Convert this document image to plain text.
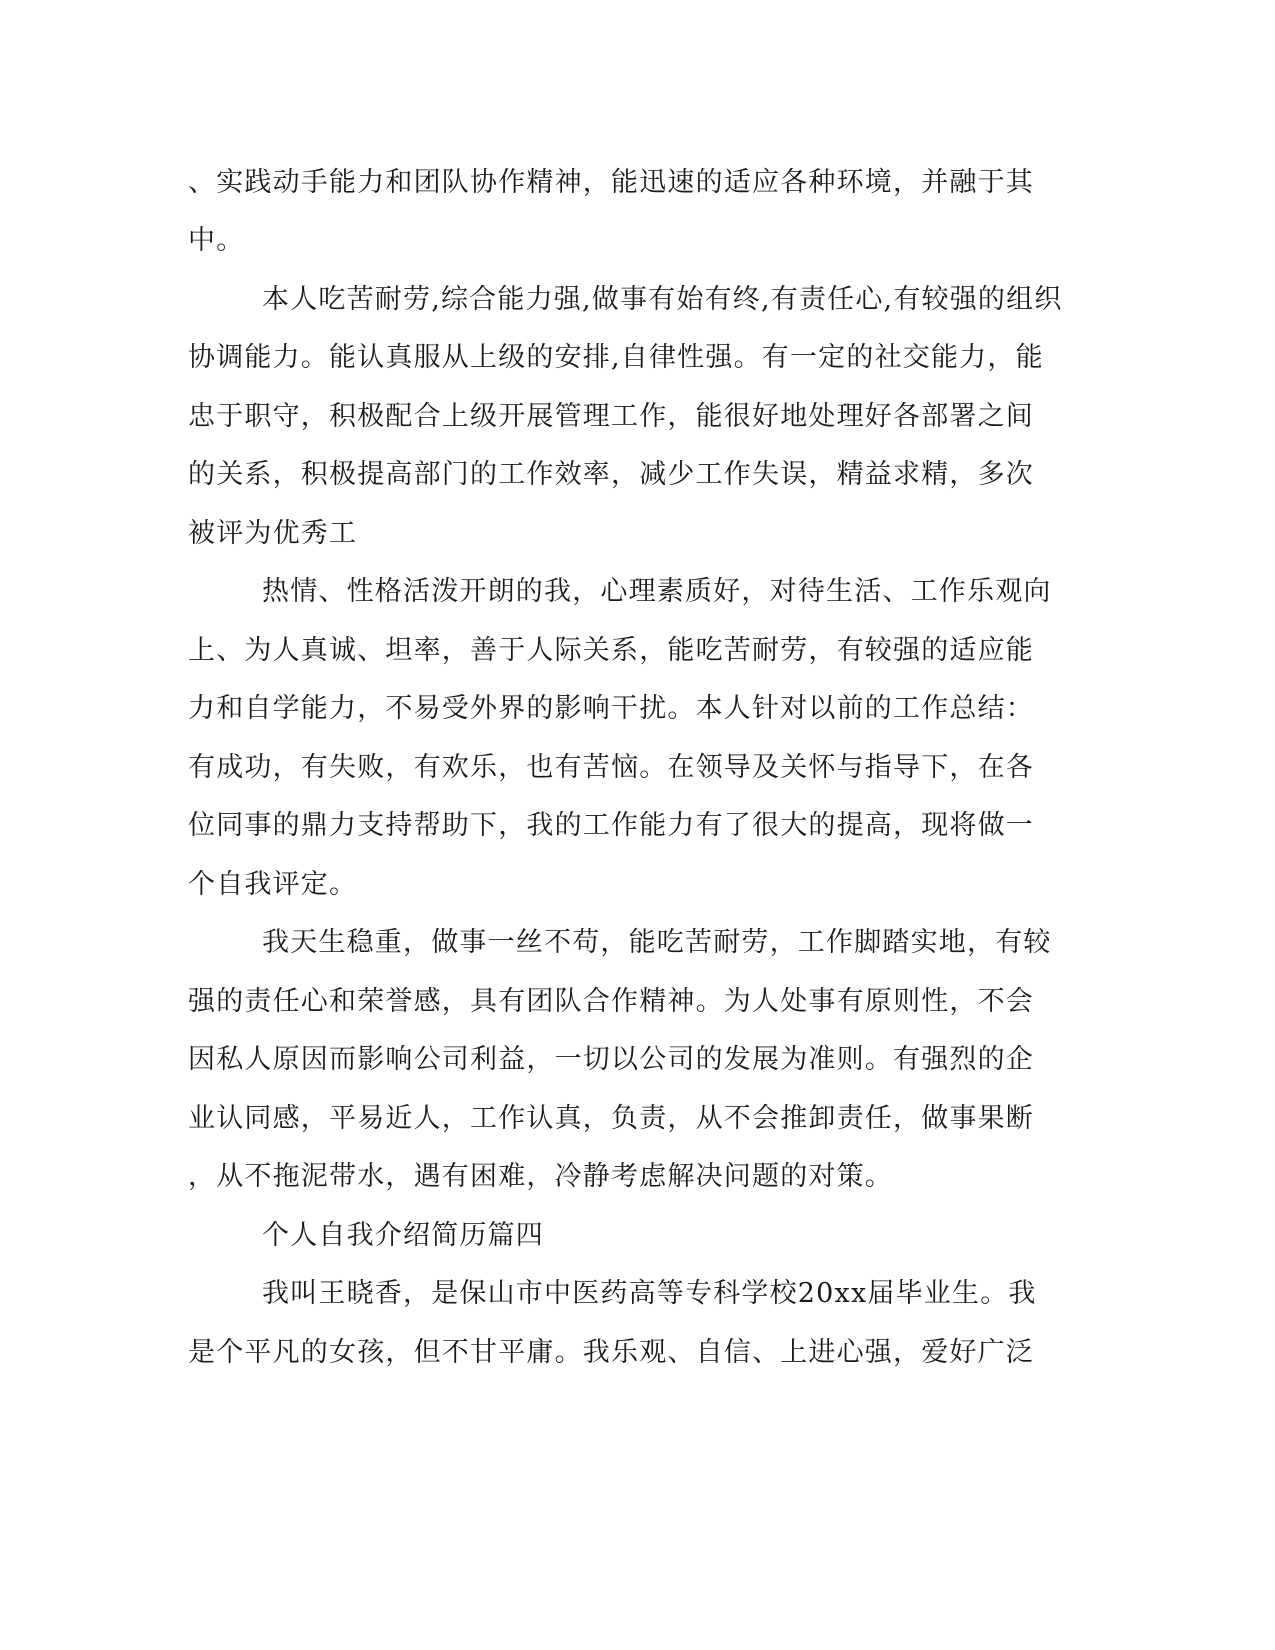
、实践动手能力和团队协作精神，能迅速的适应各种环境，并融于其
中。
本人吃苦耐劳,综合能力强,做事有始有终,有责任心,有较强的组织
协调能力。能认真服从上级的安排,自律性强。有一定的社交能力，能
忠于职守，积极配合上级开展管理工作，能很好地处理好各部署之间
的关系，积极提高部门的工作效率，减少工作失误，精益求精，多次
被评为优秀工
热情、性格活泼开朗的我，心理素质好，对待生活、工作乐观向
上、为人真诚、坦率，善于人际关系，能吃苦耐劳，有较强的适应能
力和自学能力，不易受外界的影响干扰。本人针对以前的工作总结：
有成功，有失败，有欢乐，也有苦恼。在领导及关怀与指导下，在各
位同事的鼎力支持帮助下，我的工作能力有了很大的提高，现将做一
个自我评定。
我天生稳重，做事一丝不苟，能吃苦耐劳，工作脚踏实地，有较
强的责任心和荣誉感，具有团队合作精神。为人处事有原则性，不会
因私人原因而影响公司利益，一切以公司的发展为准则。有强烈的企
业认同感，平易近人，工作认真，负责，从不会推卸责任，做事果断
，从不拖泥带水，遇有困难，冷静考虑解决问题的对策。
个人自我介绍简历篇四
我叫王晓香，是保山市中医药高等专科学校20xx届毕业生。我
是个平凡的女孩，但不甘平庸。我乐观、自信、上进心强，爱好广泛
